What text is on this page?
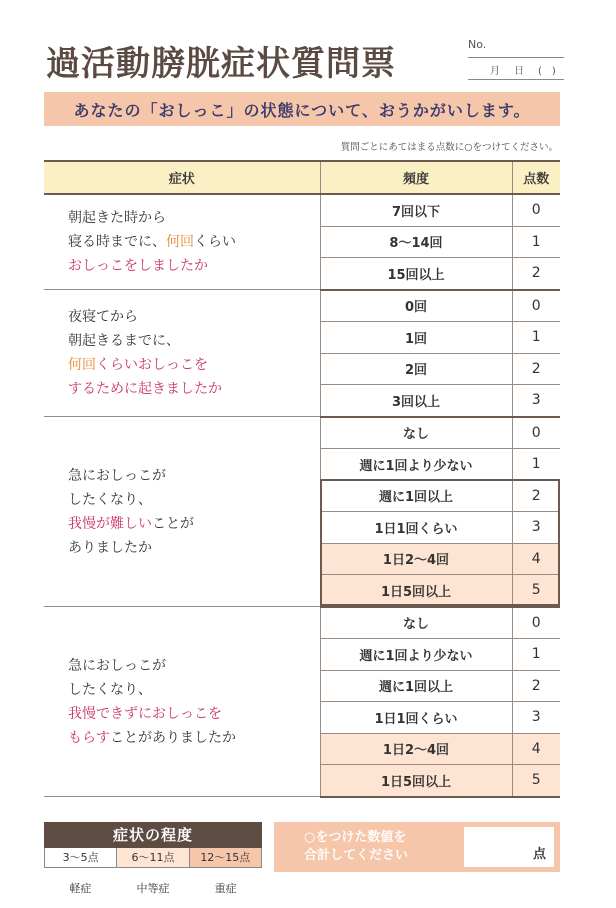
過活動膀胱症状質問票	No.
月 日 (　)
あなたの「おしっこ」の状態について、おうかがいします。
質問ごとにあてはまる点数に○をつけてください。
症状	頻度	点数
朝起きた時から
寝る時までに、何回くらい
おしっこをしましたか	7回以下	0
	8〜14回	1
	15回以上	2
夜寝てから
朝起きるまでに、
何回くらいおしっこを
するために起きましたか	0回	0
	1回	1
	2回	2
	3回以上	3
急におしっこが
したくなり、
我慢が難しいことが
ありましたか	なし	0
	週に1回より少ない	1
	週に1回以上	2
	1日1回くらい	3
	1日2〜4回	4
	1日5回以上	5
急におしっこが
したくなり、
我慢できずにおしっこを
もらすことがありましたか	なし	0
	週に1回より少ない	1
	週に1回以上	2
	1日1回くらい	3
	1日2〜4回	4
	1日5回以上	5
症状の程度
3〜5点	6〜11点	12〜15点
軽症	中等症	重症
○をつけた数値を
合計してください	点
